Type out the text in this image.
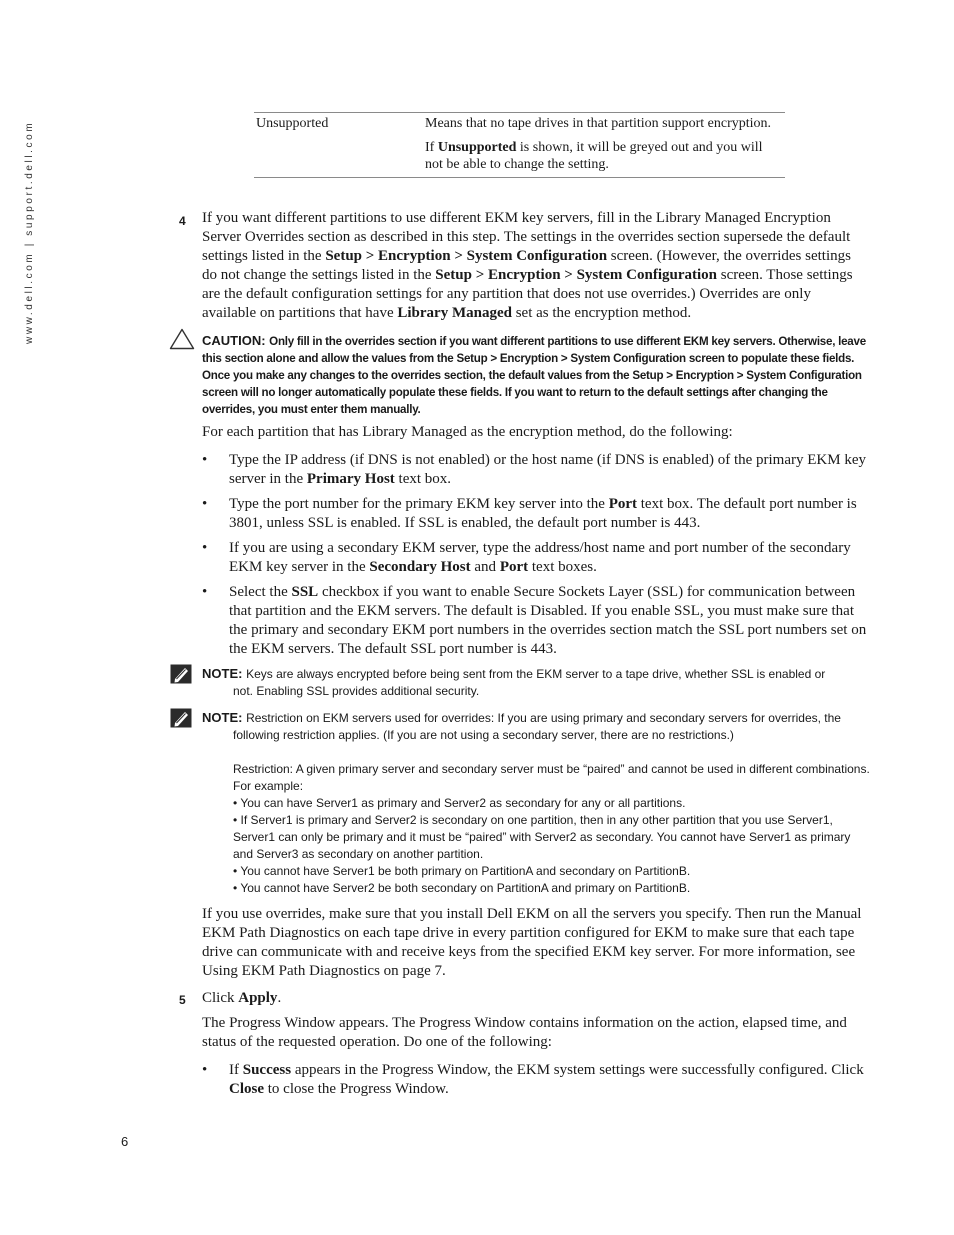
www.dell.com | support.dell.com	Unsupported	Means that no tape drives in that partition support encryption.

If Unsupported is shown, it will be greyed out and you will not be able to change the setting.

4 If you want different partitions to use different EKM key servers, fill in the Library Managed Encryption Server Overrides section as described in this step. The settings in the overrides section supersede the default settings listed in the Setup > Encryption > System Configuration screen. (However, the overrides settings do not change the settings listed in the Setup > Encryption > System Configuration screen. Those settings are the default configuration settings for any partition that does not use overrides.) Overrides are only available on partitions that have Library Managed set as the encryption method.

CAUTION: Only fill in the overrides section if you want different partitions to use different EKM key servers. Otherwise, leave this section alone and allow the values from the Setup > Encryption > System Configuration screen to populate these fields. Once you make any changes to the overrides section, the default values from the Setup > Encryption > System Configuration screen will no longer automatically populate these fields. If you want to return to the default settings after changing the overrides, you must enter them manually.

For each partition that has Library Managed as the encryption method, do the following:

• Type the IP address (if DNS is not enabled) or the host name (if DNS is enabled) of the primary EKM key server in the Primary Host text box.
• Type the port number for the primary EKM key server into the Port text box. The default port number is 3801, unless SSL is enabled. If SSL is enabled, the default port number is 443.
• If you are using a secondary EKM server, type the address/host name and port number of the secondary EKM key server in the Secondary Host and Port text boxes.
• Select the SSL checkbox if you want to enable Secure Sockets Layer (SSL) for communication between that partition and the EKM servers. The default is Disabled. If you enable SSL, you must make sure that the primary and secondary EKM port numbers in the overrides section match the SSL port numbers set on the EKM servers. The default SSL port number is 443.
NOTE: Keys are always encrypted before being sent from the EKM server to a tape drive, whether SSL is enabled or
not. Enabling SSL provides additional security.
NOTE: Restriction on EKM servers used for overrides: If you are using primary and secondary servers for overrides, the
following restriction applies. (If you are not using a secondary server, there are no restrictions.)

Restriction: A given primary server and secondary server must be “paired” and cannot be used in different combinations. For example:

• You can have Server1 as primary and Server2 as secondary for any or all partitions.

• If Server1 is primary and Server2 is secondary on one partition, then in any other partition that you use Server1, Server1 can only be primary and it must be “paired” with Server2 as secondary. You cannot have Server1 as primary and Server3 as secondary on another partition.

• You cannot have Server1 be both primary on PartitionA and secondary on PartitionB.

• You cannot have Server2 be both secondary on PartitionA and primary on PartitionB.

If you use overrides, make sure that you install Dell EKM on all the servers you specify. Then run the Manual EKM Path Diagnostics on each tape drive in every partition configured for EKM to make sure that each tape drive can communicate with and receive keys from the specified EKM key server. For more information, see Using EKM Path Diagnostics on page 7.

5 Click Apply.

The Progress Window appears. The Progress Window contains information on the action, elapsed time, and status of the requested operation. Do one of the following:

• If Success appears in the Progress Window, the EKM system settings were successfully configured. Click Close to close the Progress Window.
6
